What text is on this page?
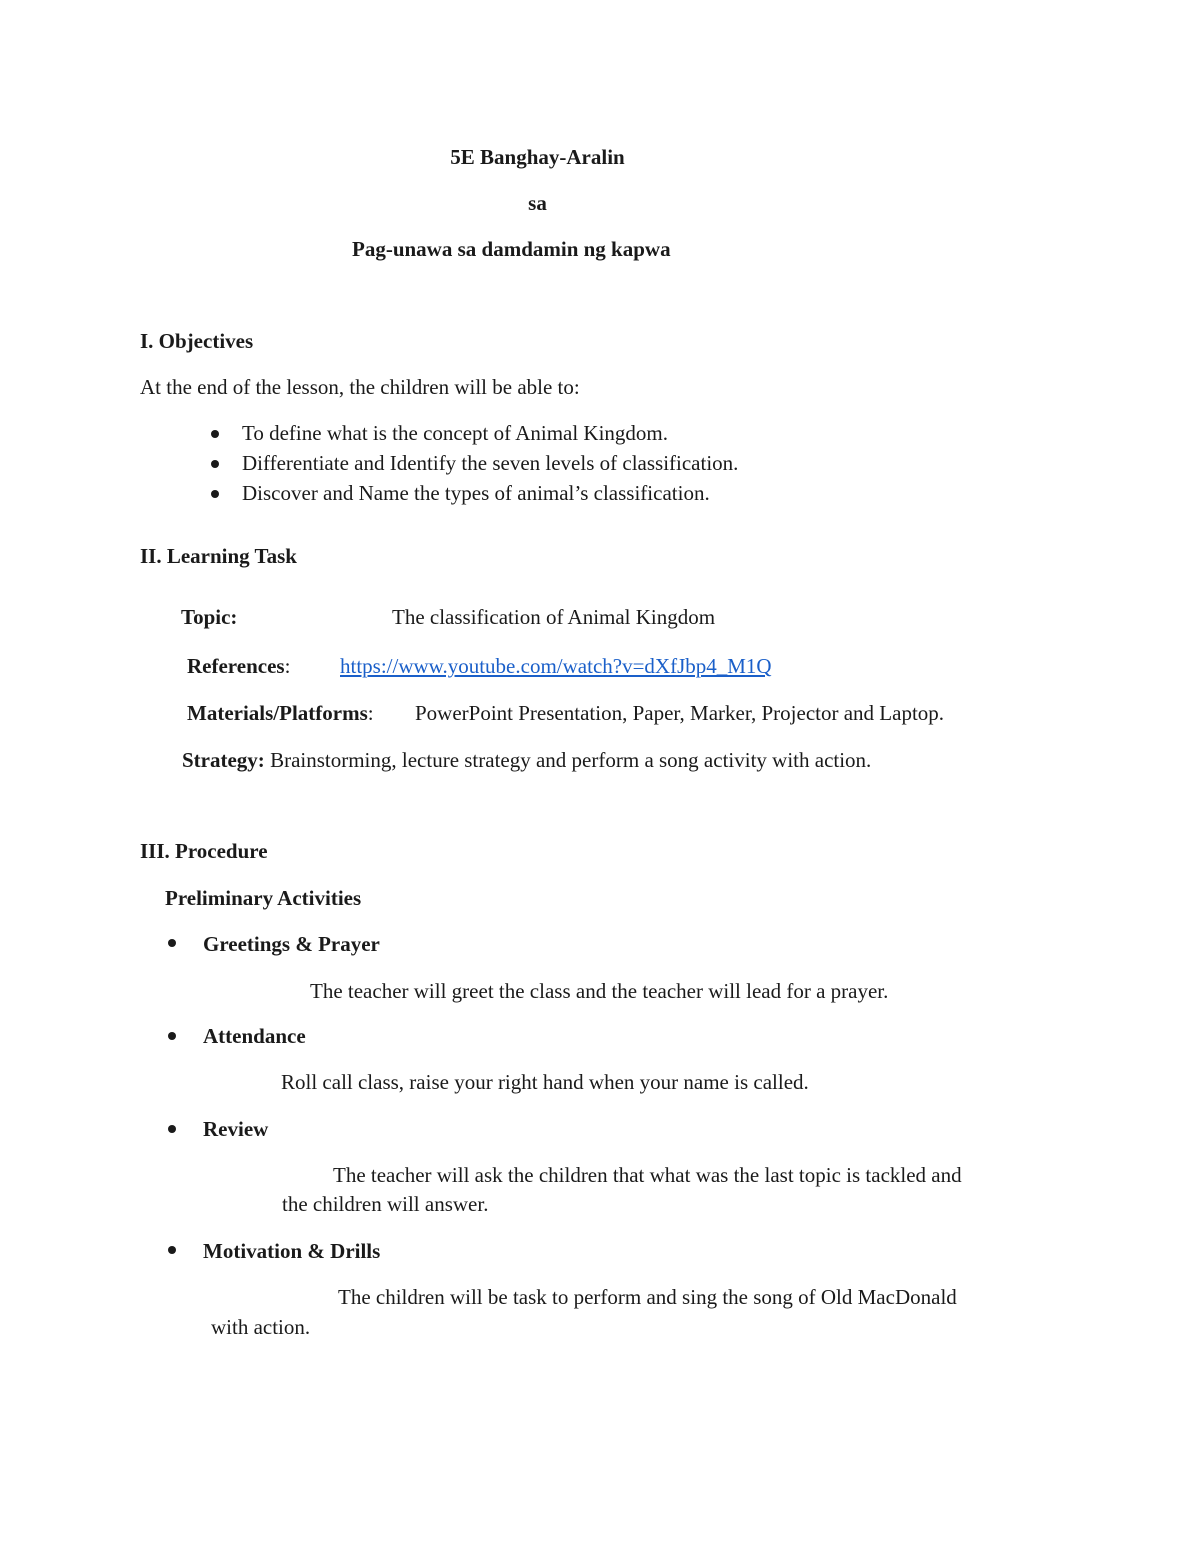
5E Banghay-Aralin
sa
Pag-unawa sa damdamin ng kapwa
I. Objectives
At the end of the lesson, the children will be able to:
To define what is the concept of Animal Kingdom.
Differentiate and Identify the seven levels of classification.
Discover and Name the types of animal’s classification.
II. Learning Task
Topic:	The classification of Animal Kingdom
References: https://www.youtube.com/watch?v=dXfJbp4_M1Q
Materials/Platforms: PowerPoint Presentation, Paper, Marker, Projector and Laptop.
Strategy: Brainstorming, lecture strategy and perform a song activity with action.
III. Procedure
Preliminary Activities
Greetings & Prayer
The teacher will greet the class and the teacher will lead for a prayer.
Attendance
Roll call class, raise your right hand when your name is called.
Review
The teacher will ask the children that what was the last topic is tackled and
the children will answer.
Motivation & Drills
The children will be task to perform and sing the song of Old MacDonald
with action.
